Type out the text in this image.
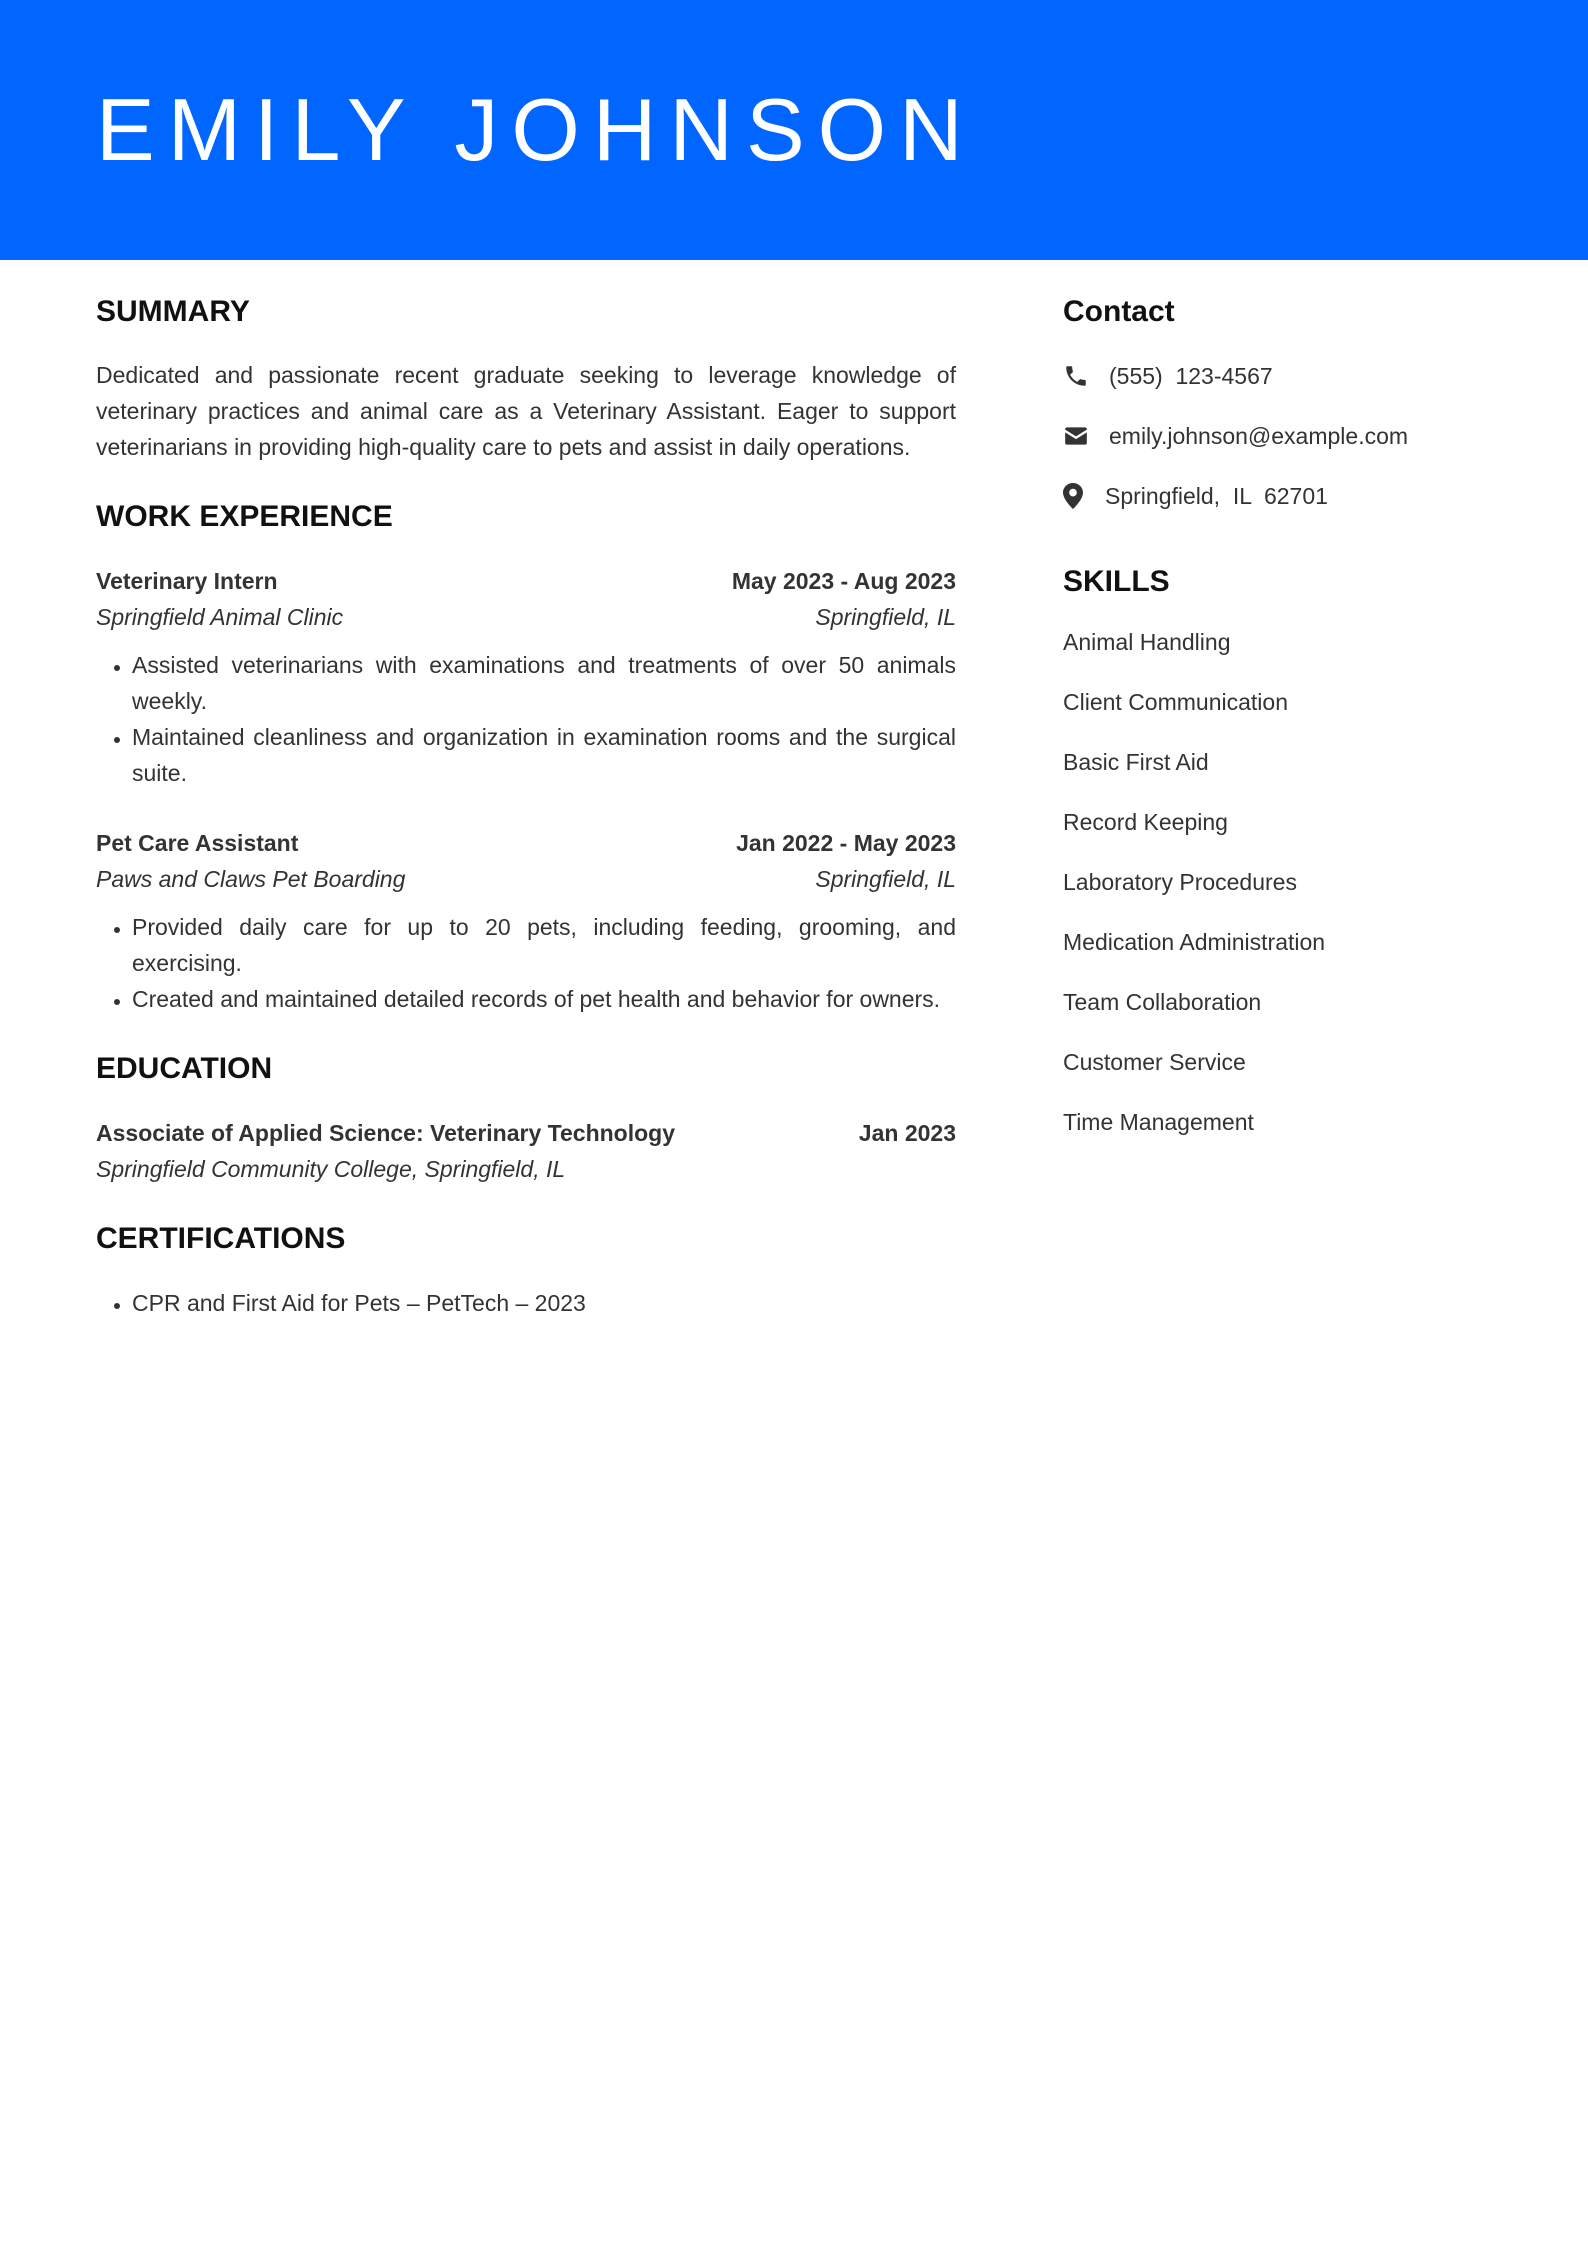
EMILY JOHNSON
SUMMARY

Dedicated and passionate recent graduate seeking to leverage knowledge of veterinary practices and animal care as a Veterinary Assistant. Eager to support veterinarians in providing high-quality care to pets and assist in daily operations.

WORK EXPERIENCE
Veterinary Intern	May 2023 - Aug 2023
Springfield Animal Clinic	Springfield, IL
• Assisted veterinarians with examinations and treatments of over 50 animals weekly.
• Maintained cleanliness and organization in examination rooms and the surgical suite.
Pet Care Assistant	Jan 2022 - May 2023
Paws and Claws Pet Boarding	Springfield, IL
• Provided daily care for up to 20 pets, including feeding, grooming, and exercising.
• Created and maintained detailed records of pet health and behavior for owners.
EDUCATION
Associate of Applied Science: Veterinary Technology	Jan 2023
Springfield Community College, Springfield, IL
CERTIFICATIONS
• CPR and First Aid for Pets – PetTech – 2023
Contact
(555)  123-4567
emily.johnson@example.com
Springfield,  IL  62701
SKILLS
Animal Handling
Client Communication
Basic First Aid
Record Keeping
Laboratory Procedures
Medication Administration
Team Collaboration
Customer Service
Time Management
